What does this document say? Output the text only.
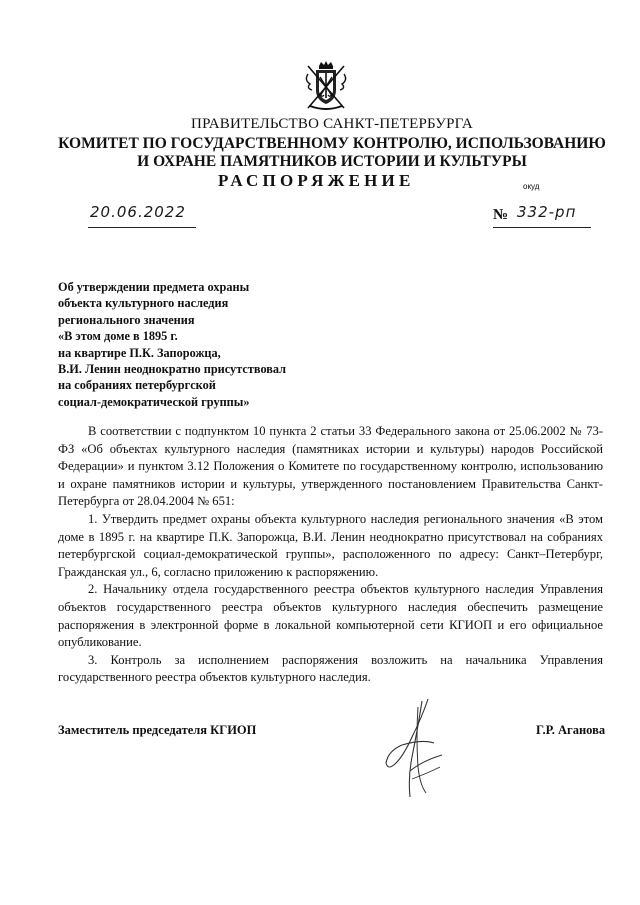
ПРАВИТЕЛЬСТВО САНКТ-ПЕТЕРБУРГА
КОМИТЕТ ПО ГОСУДАРСТВЕННОМУ КОНТРОЛЮ, ИСПОЛЬЗОВАНИЮ
И ОХРАНЕ ПАМЯТНИКОВ ИСТОРИИ И КУЛЬТУРЫ
РАСПОРЯЖЕНИЕ	окуд
20.06.2022	№ 332-рп
Об утверждении предмета охраны
объекта культурного наследия
регионального значения
«В этом доме в 1895 г.
на квартире П.К. Запорожца,
В.И. Ленин неоднократно присутствовал
на собраниях петербургской
социал-демократической группы»

В соответствии с подпунктом 10 пункта 2 статьи 33 Федерального закона от 25.06.2002 № 73-ФЗ «Об объектах культурного наследия (памятниках истории и культуры) народов Российской Федерации» и пунктом 3.12 Положения о Комитете по государственному контролю, использованию и охране памятников истории и культуры, утвержденного постановлением Правительства Санкт-Петербурга от 28.04.2004 № 651:

1. Утвердить предмет охраны объекта культурного наследия регионального значения «В этом доме в 1895 г. на квартире П.К. Запорожца, В.И. Ленин неоднократно присутствовал на собраниях петербургской социал-демократической группы», расположенного по адресу: Санкт–Петербург, Гражданская ул., 6, согласно приложению к распоряжению.

2. Начальнику отдела государственного реестра объектов культурного наследия Управления объектов государственного реестра объектов культурного наследия обеспечить размещение распоряжения в электронной форме в локальной компьютерной сети КГИОП и его официальное опубликование.

3. Контроль за исполнением распоряжения возложить на начальника Управления государственного реестра объектов культурного наследия.

Заместитель председателя КГИОП	Г.Р. Аганова
